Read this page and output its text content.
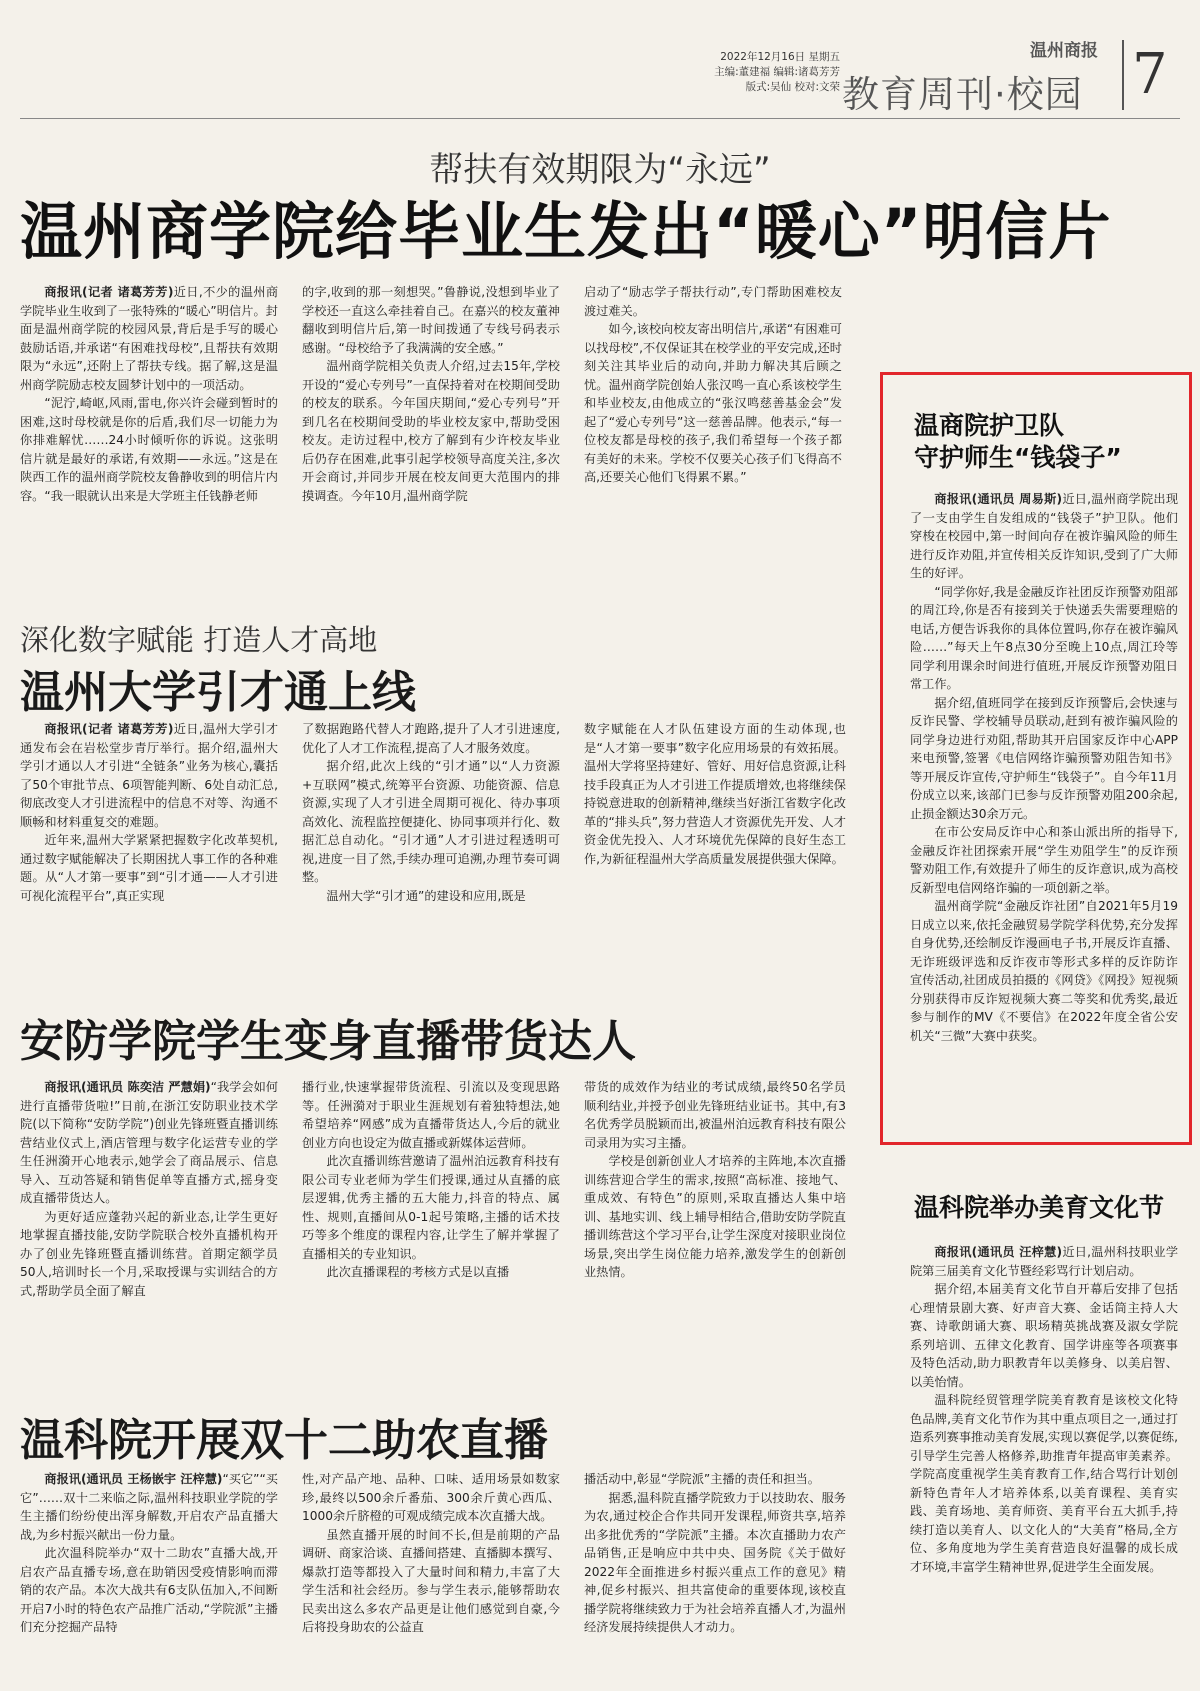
2022年12月16日 星期五
主编:董建福 编辑:诸葛芳芳
版式:吴仙 校对:文荣
温州商报
教育周刊·校园 7
帮扶有效期限为“永远”
温州商学院给毕业生发出“暖心”明信片

商报讯(记者 诸葛芳芳)近日,不少的温州商学院毕业生收到了一张特殊的“暖心”明信片。封面是温州商学院的校园风景,背后是手写的暖心鼓励话语,并承诺“有困难找母校”,且帮扶有效期限为“永远”,还附上了帮扶专线。据了解,这是温州商学院励志校友圆梦计划中的一项活动。

“泥泞,崎岖,风雨,雷电,你兴许会碰到暂时的困难,这时母校就是你的后盾,我们尽一切能力为你排难解忧……24小时倾听你的诉说。这张明信片就是最好的承诺,有效期——永远。”这是在陕西工作的温州商学院校友鲁静收到的明信片内容。“我一眼就认出来是大学班主任钱静老师

的字,收到的那一刻想哭。”鲁静说,没想到毕业了学校还一直这么牵挂着自己。在嘉兴的校友董神翻收到明信片后,第一时间拨通了专线号码表示感谢。“母校给予了我满满的安全感。”

温州商学院相关负责人介绍,过去15年,学校开设的“爱心专列号”一直保持着对在校期间受助的校友的联系。今年国庆期间,“爱心专列号”开到几名在校期间受助的毕业校友家中,帮助受困校友。走访过程中,校方了解到有少许校友毕业后仍存在困难,此事引起学校领导高度关注,多次开会商讨,并同步开展在校友间更大范围内的排摸调查。今年10月,温州商学院

启动了“励志学子帮扶行动”,专门帮助困难校友渡过难关。

如今,该校向校友寄出明信片,承诺“有困难可以找母校”,不仅保证其在校学业的平安完成,还时刻关注其毕业后的动向,并助力解决其后顾之忧。温州商学院创始人张汉鸣一直心系该校学生和毕业校友,由他成立的“张汉鸣慈善基金会”发起了“爱心专列号”这一慈善品牌。他表示,“每一位校友都是母校的孩子,我们希望每一个孩子都有美好的未来。学校不仅要关心孩子们飞得高不高,还要关心他们飞得累不累。”

深化数字赋能 打造人才高地
温州大学引才通上线

商报讯(记者 诸葛芳芳)近日,温州大学引才通发布会在岩松堂步青厅举行。据介绍,温州大学引才通以人才引进“全链条”业务为核心,囊括了50个审批节点、6项智能判断、6处自动汇总,彻底改变人才引进流程中的信息不对等、沟通不顺畅和材料重复交的难题。

近年来,温州大学紧紧把握数字化改革契机,通过数字赋能解决了长期困扰人事工作的各种难题。从“人才第一要事”到“引才通——人才引进可视化流程平台”,真正实现

了数据跑路代替人才跑路,提升了人才引进速度,优化了人才工作流程,提高了人才服务效度。

据介绍,此次上线的“引才通”以“人力资源+互联网”模式,统筹平台资源、功能资源、信息资源,实现了人才引进全周期可视化、待办事项高效化、流程监控便捷化、协同事项并行化、数据汇总自动化。“引才通”人才引进过程透明可视,进度一目了然,手续办理可追溯,办理节奏可调整。

温州大学“引才通”的建设和应用,既是

数字赋能在人才队伍建设方面的生动体现,也是“人才第一要事”数字化应用场景的有效拓展。温州大学将坚持建好、管好、用好信息资源,让科技手段真正为人才引进工作提质增效,也将继续保持锐意进取的创新精神,继续当好浙江省数字化改革的“排头兵”,努力营造人才资源优先开发、人才资金优先投入、人才环境优先保障的良好生态工作,为新征程温州大学高质量发展提供强大保障。

安防学院学生变身直播带货达人

商报讯(通讯员 陈奕洁 严慧娟)“我学会如何进行直播带货啦!”日前,在浙江安防职业技术学院(以下简称“安防学院”)创业先锋班暨直播训练营结业仪式上,酒店管理与数字化运营专业的学生任洲漪开心地表示,她学会了商品展示、信息导入、互动答疑和销售促单等直播方式,摇身变成直播带货达人。

为更好适应蓬勃兴起的新业态,让学生更好地掌握直播技能,安防学院联合校外直播机构开办了创业先锋班暨直播训练营。首期定额学员50人,培训时长一个月,采取授课与实训结合的方式,帮助学员全面了解直

播行业,快速掌握带货流程、引流以及变现思路等。任洲漪对于职业生涯规划有着独特想法,她希望培养“网感”成为直播带货达人,今后的就业创业方向也设定为做直播或新媒体运营师。

此次直播训练营邀请了温州泊远教育科技有限公司专业老师为学生们授课,通过从直播的底层逻辑,优秀主播的五大能力,抖音的特点、属性、规则,直播间从0-1起号策略,主播的话术技巧等多个维度的课程内容,让学生了解并掌握了直播相关的专业知识。

此次直播课程的考核方式是以直播

带货的成效作为结业的考试成绩,最终50名学员顺利结业,并授予创业先锋班结业证书。其中,有3名优秀学员脱颖而出,被温州泊远教育科技有限公司录用为实习主播。

学校是创新创业人才培养的主阵地,本次直播训练营迎合学生的需求,按照“高标准、接地气、重成效、有特色”的原则,采取直播达人集中培训、基地实训、线上辅导相结合,借助安防学院直播训练营这个学习平台,让学生深度对接职业岗位场景,突出学生岗位能力培养,激发学生的创新创业热情。

温科院开展双十二助农直播

商报讯(通讯员 王杨嵌宇 汪梓慧)“买它”“买它”……双十二来临之际,温州科技职业学院的学生主播们纷纷使出浑身解数,开启农产品直播大战,为乡村振兴献出一份力量。

此次温科院举办“双十二助农”直播大战,开启农产品直播专场,意在助销因受疫情影响而滞销的农产品。本次大战共有6支队伍加入,不间断开启7小时的特色农产品推广活动,“学院派”主播们充分挖掘产品特

性,对产品产地、品种、口味、适用场景如数家珍,最终以500余斤番茄、300余斤黄心西瓜、1000余斤脐橙的可观成绩完成本次直播大战。

虽然直播开展的时间不长,但是前期的产品调研、商家洽谈、直播间搭建、直播脚本撰写、爆款打造等都投入了大量时间和精力,丰富了大学生活和社会经历。参与学生表示,能够帮助农民卖出这么多农产品更是让他们感觉到自豪,今后将投身助农的公益直

播活动中,彰显“学院派”主播的责任和担当。

据悉,温科院直播学院致力于以技助农、服务为农,通过校企合作共同开发课程,师资共享,培养出多批优秀的“学院派”主播。本次直播助力农产品销售,正是响应中共中央、国务院《关于做好2022年全面推进乡村振兴重点工作的意见》精神,促乡村振兴、担共富使命的重要体现,该校直播学院将继续致力于为社会培养直播人才,为温州经济发展持续提供人才动力。

温商院护卫队
守护师生“钱袋子”

商报讯(通讯员 周易斯)近日,温州商学院出现了一支由学生自发组成的“钱袋子”护卫队。他们穿梭在校园中,第一时间向存在被诈骗风险的师生进行反诈劝阻,并宣传相关反诈知识,受到了广大师生的好评。

“同学你好,我是金融反诈社团反诈预警劝阻部的周江玲,你是否有接到关于快递丢失需要理赔的电话,方便告诉我你的具体位置吗,你存在被诈骗风险……”每天上午8点30分至晚上10点,周江玲等同学利用课余时间进行值班,开展反诈预警劝阻日常工作。

据介绍,值班同学在接到反诈预警后,会快速与反诈民警、学校辅导员联动,赶到有被诈骗风险的同学身边进行劝阻,帮助其开启国家反诈中心APP来电预警,签署《电信网络诈骗预警劝阻告知书》等开展反诈宣传,守护师生“钱袋子”。自今年11月份成立以来,该部门已参与反诈预警劝阻200余起,止损金额达30余万元。

在市公安局反诈中心和茶山派出所的指导下,金融反诈社团探索开展“学生劝阻学生”的反诈预警劝阻工作,有效提升了师生的反诈意识,成为高校反新型电信网络诈骗的一项创新之举。

温州商学院“金融反诈社团”自2021年5月19日成立以来,依托金融贸易学院学科优势,充分发挥自身优势,还绘制反诈漫画电子书,开展反诈直播、无诈班级评选和反诈夜市等形式多样的反诈防诈宣传活动,社团成员拍摄的《网贷》《网投》短视频分别获得市反诈短视频大赛二等奖和优秀奖,最近参与制作的MV《不要信》在2022年度全省公安机关“三微”大赛中获奖。

温科院举办美育文化节

商报讯(通讯员 汪梓慧)近日,温州科技职业学院第三届美育文化节暨经彩骂行计划启动。

据介绍,本届美育文化节自开幕后安排了包括心理情景剧大赛、好声音大赛、金话筒主持人大赛、诗歌朗诵大赛、职场精英挑战赛及淑女学院系列培训、五律文化教育、国学讲座等各项赛事及特色活动,助力职教青年以美修身、以美启智、以美怡情。

温科院经贸管理学院美育教育是该校文化特色品牌,美育文化节作为其中重点项目之一,通过打造系列赛事推动美育发展,实现以赛促学,以赛促练,引导学生完善人格修养,助推青年提高审美素养。学院高度重视学生美育教育工作,结合骂行计划创新特色青年人才培养体系,以美育课程、美育实践、美育场地、美育师资、美育平台五大抓手,持续打造以美育人、以文化人的“大美育”格局,全方位、多角度地为学生美育营造良好温馨的成长成才环境,丰富学生精神世界,促进学生全面发展。
